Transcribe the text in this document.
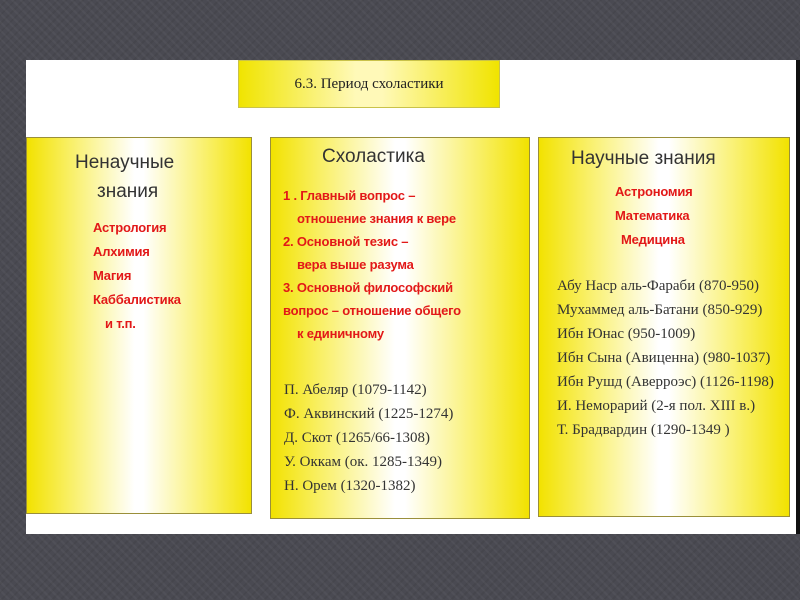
6.3. Период схоластики
Ненаучные
знания
Астрология
Алхимия
Магия
Каббалистика
и т.п.
Схоластика
1 . Главный вопрос –
отношение знания к вере
2. Основной тезис –
вера выше разума
3. Основной философский
вопрос – отношение общего
к единичному
П. Абеляр (1079-1142)
Ф. Аквинский (1225-1274)
Д. Скот (1265/66-1308)
У. Оккам (ок. 1285-1349)
Н. Орем (1320-1382)
Научные знания
Астрономия
Математика
Медицина
Абу Наср аль-Фараби (870-950)
Мухаммед аль-Батани (850-929)
Ибн Юнас (950-1009)
Ибн Сына (Авиценна) (980-1037)
Ибн Рушд (Аверроэс) (1126-1198)
И. Неморарий (2-я пол. XIII в.)
Т. Брадвардин (1290-1349 )
